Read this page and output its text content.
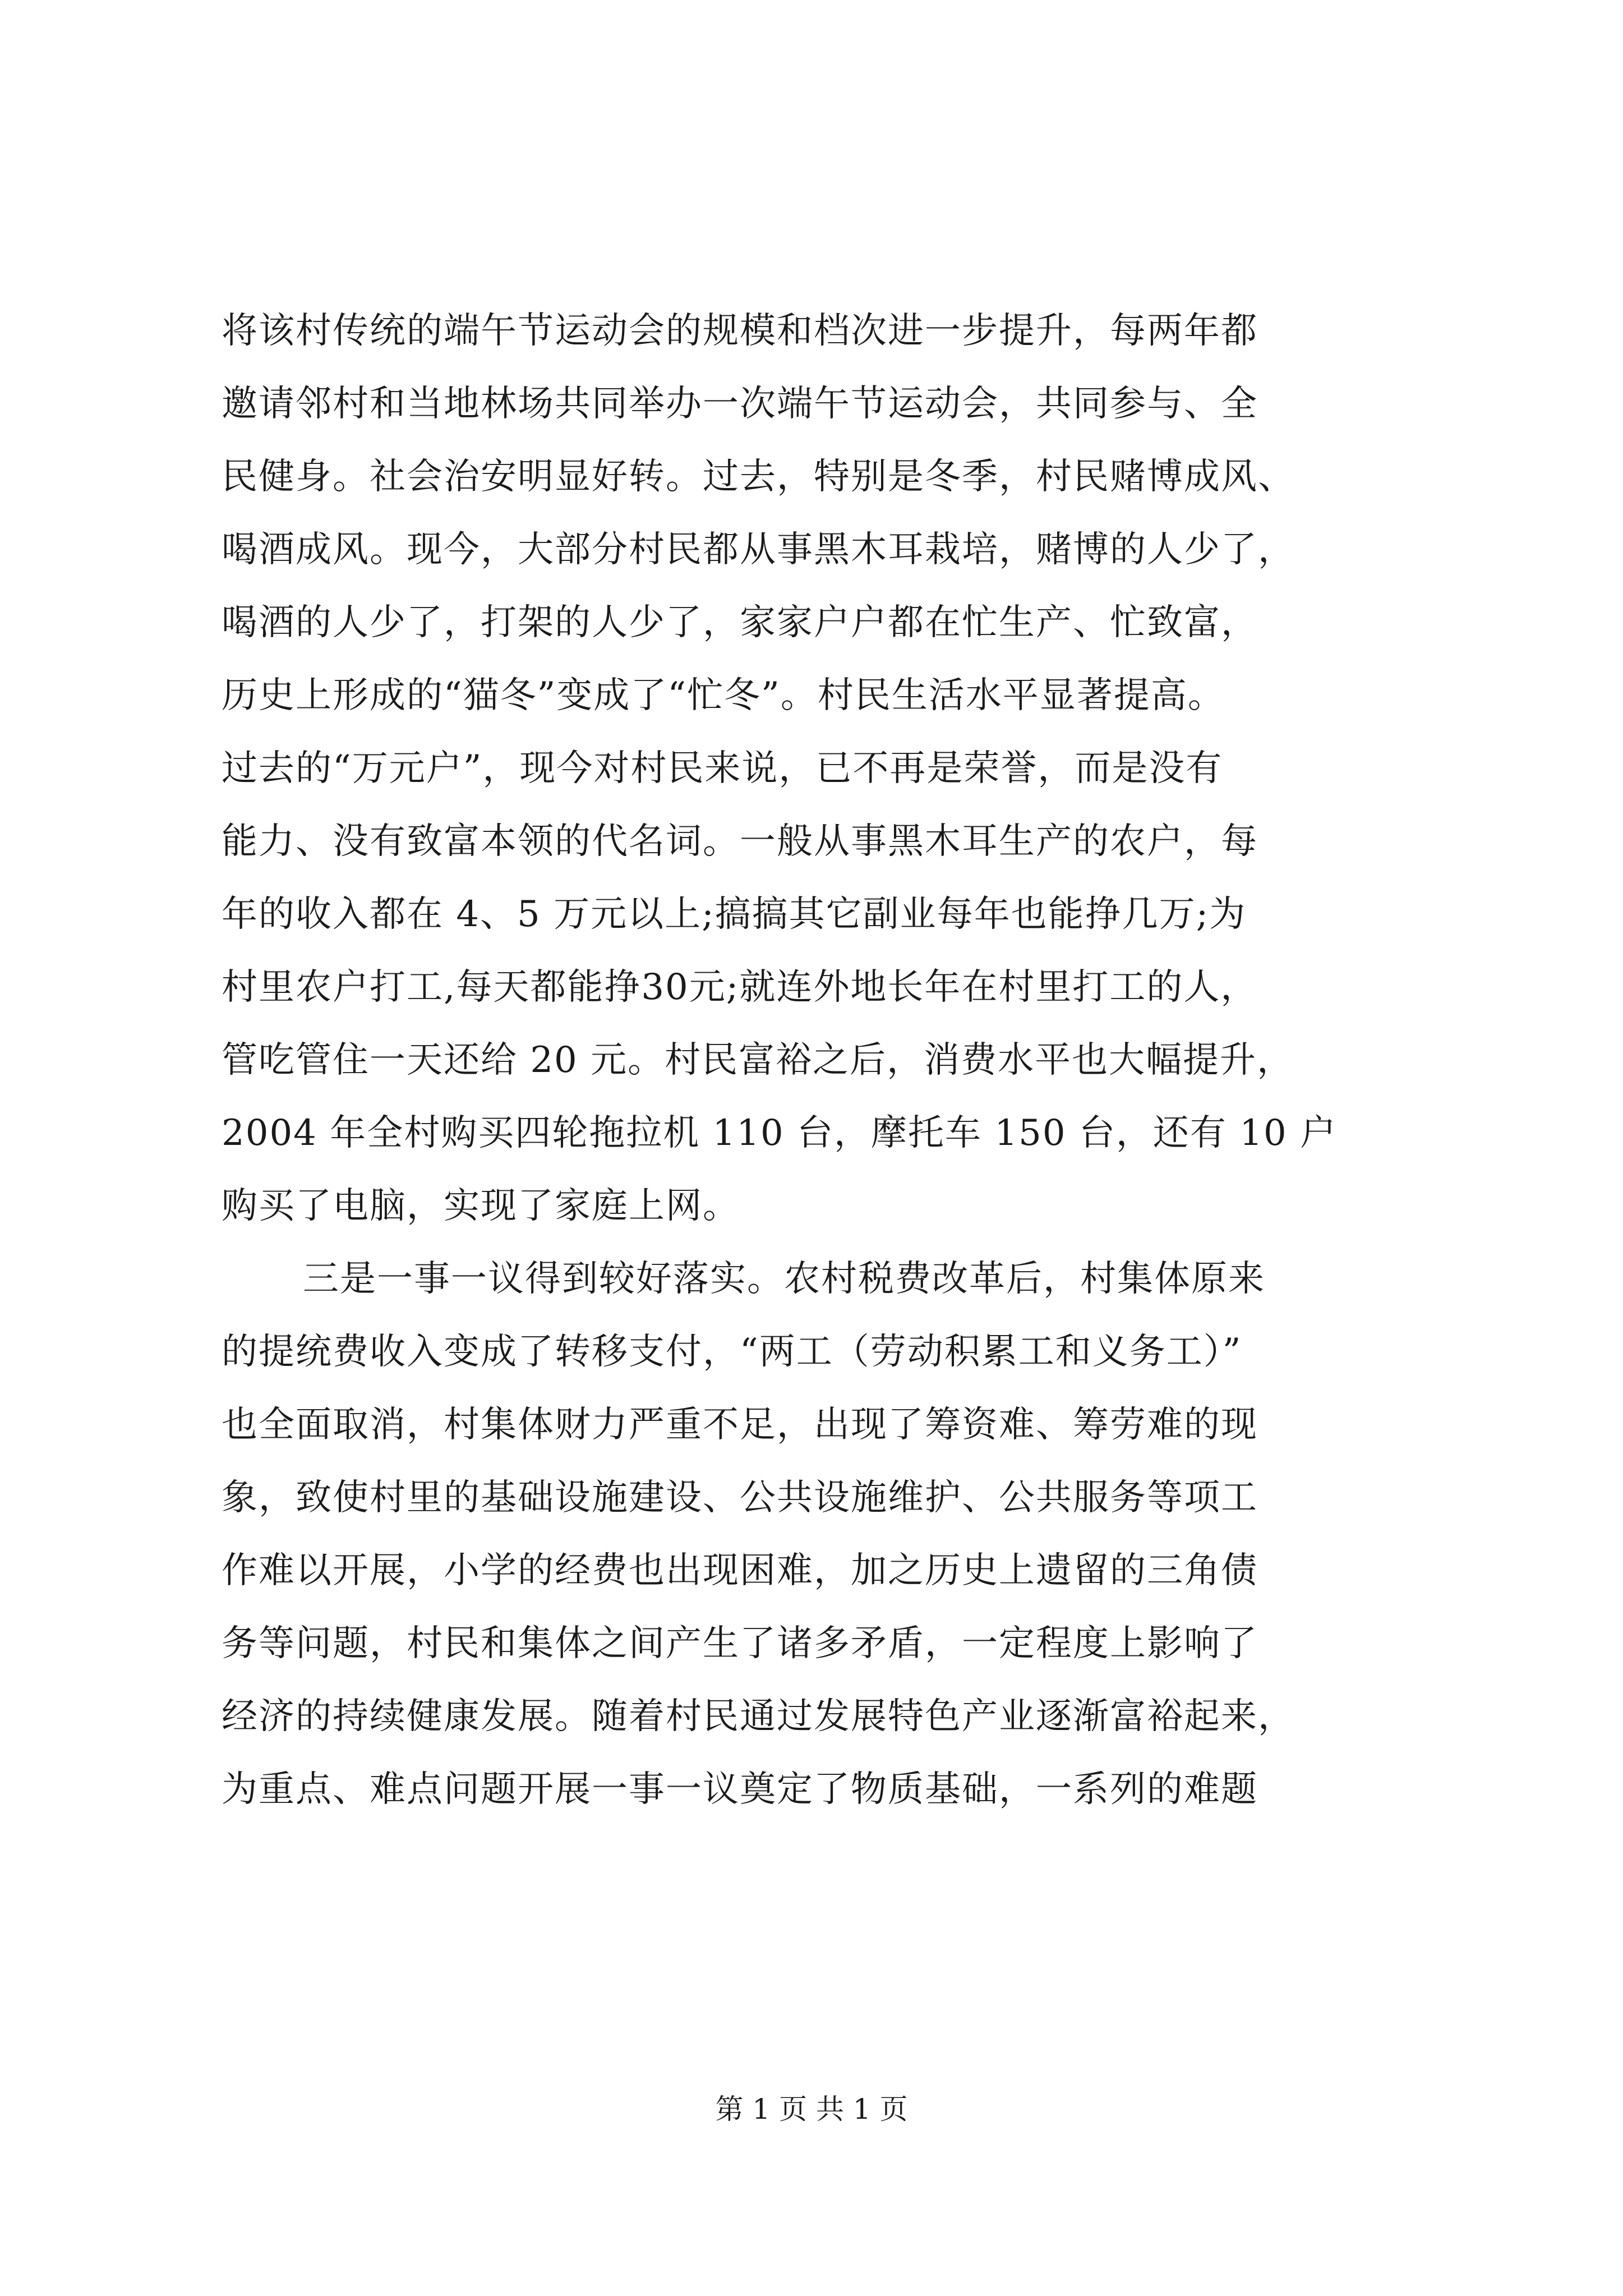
将该村传统的端午节运动会的规模和档次进一步提升，每两年都
邀请邻村和当地林场共同举办一次端午节运动会，共同参与、全
民健身。社会治安明显好转。过去，特别是冬季，村民赌博成风、
喝酒成风。现今，大部分村民都从事黑木耳栽培，赌博的人少了，
喝酒的人少了，打架的人少了，家家户户都在忙生产、忙致富，
历史上形成的“猫冬”变成了“忙冬”。村民生活水平显著提高。
过去的“万元户”，现今对村民来说，已不再是荣誉，而是没有
能力、没有致富本领的代名词。一般从事黑木耳生产的农户，每
年的收入都在 4、5 万元以上;搞搞其它副业每年也能挣几万;为
村里农户打工,每天都能挣30元;就连外地长年在村里打工的人，
管吃管住一天还给 20 元。村民富裕之后，消费水平也大幅提升，
2004 年全村购买四轮拖拉机 110 台，摩托车 150 台，还有 10 户
购买了电脑，实现了家庭上网。
三是一事一议得到较好落实。农村税费改革后，村集体原来
的提统费收入变成了转移支付，“两工（劳动积累工和义务工）”
也全面取消，村集体财力严重不足，出现了筹资难、筹劳难的现
象，致使村里的基础设施建设、公共设施维护、公共服务等项工
作难以开展，小学的经费也出现困难，加之历史上遗留的三角债
务等问题，村民和集体之间产生了诸多矛盾，一定程度上影响了
经济的持续健康发展。随着村民通过发展特色产业逐渐富裕起来，
为重点、难点问题开展一事一议奠定了物质基础，一系列的难题
第 1 页 共 1 页
